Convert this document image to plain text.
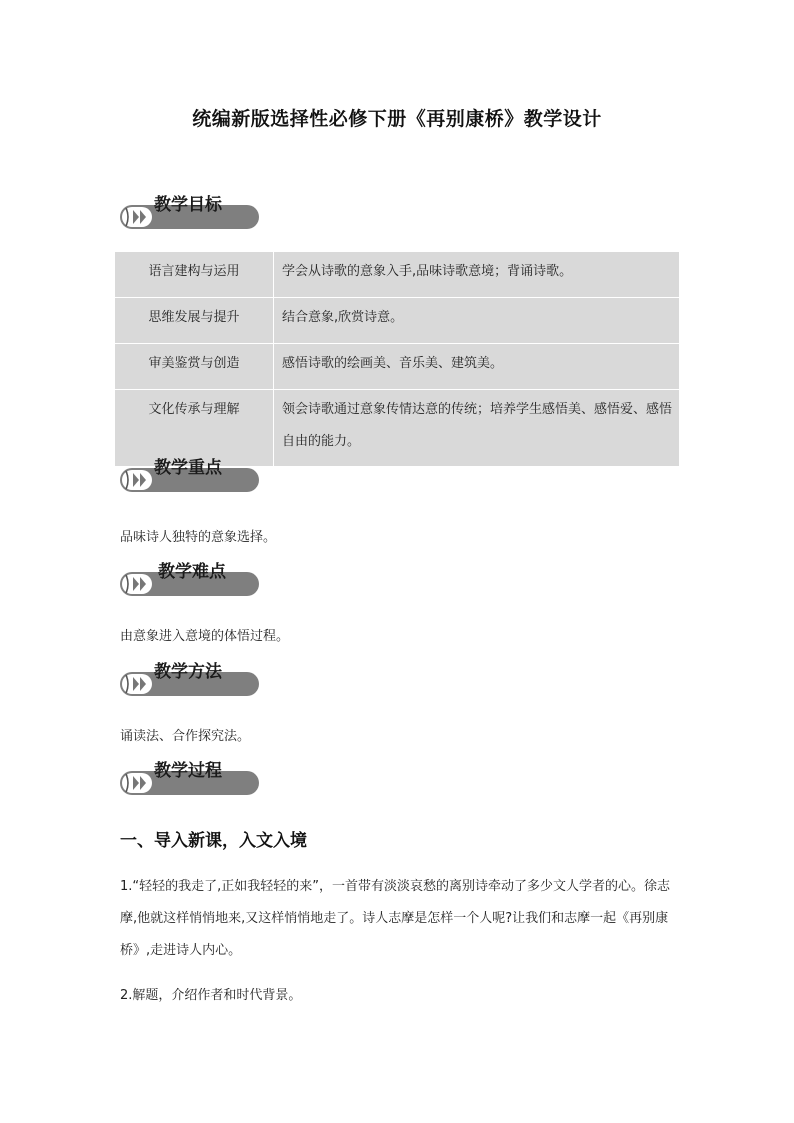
统编新版选择性必修下册《再别康桥》教学设计
教学目标
语言建构与运用	学会从诗歌的意象入手,品味诗歌意境；背诵诗歌。
思维发展与提升	结合意象,欣赏诗意。
审美鉴赏与创造	感悟诗歌的绘画美、音乐美、建筑美。
文化传承与理解	领会诗歌通过意象传情达意的传统；培养学生感悟美、感悟爱、感悟自由的能力。
教学重点
品味诗人独特的意象选择。
教学难点
由意象进入意境的体悟过程。
教学方法
诵读法、合作探究法。
教学过程
一、导入新课，入文入境
1.“轻轻的我走了,正如我轻轻的来”，一首带有淡淡哀愁的离别诗牵动了多少文人学者的心。徐志摩,他就这样悄悄地来,又这样悄悄地走了。诗人志摩是怎样一个人呢?让我们和志摩一起《再别康桥》,走进诗人内心。
2.解题，介绍作者和时代背景。
